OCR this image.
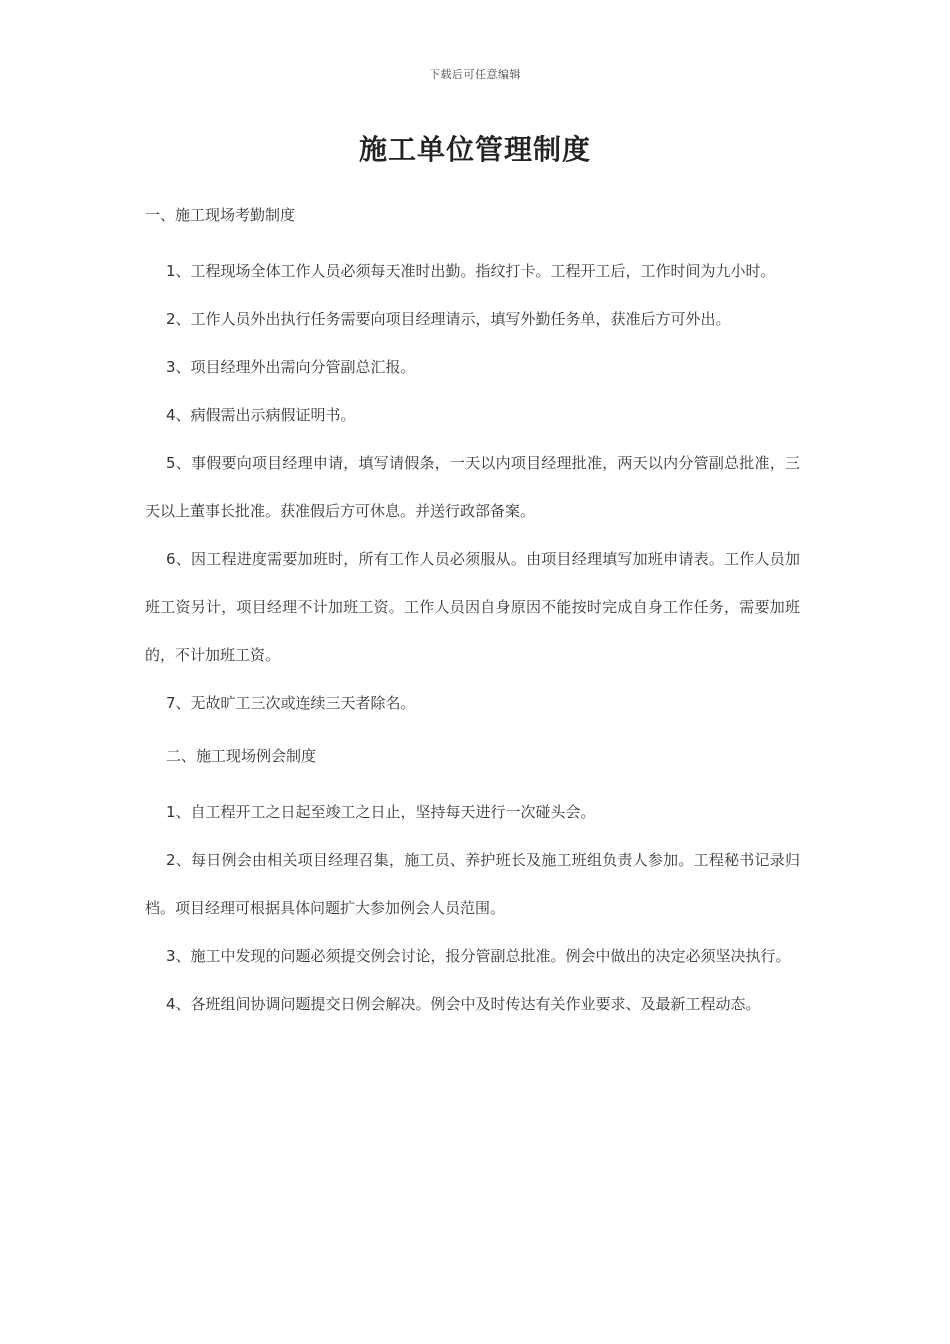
下载后可任意编辑
施工单位管理制度

一、施工现场考勤制度

1、工程现场全体工作人员必须每天准时出勤。指纹打卡。工程开工后，工作时间为九小时。

2、工作人员外出执行任务需要向项目经理请示，填写外勤任务单，获准后方可外出。

3、项目经理外出需向分管副总汇报。

4、病假需出示病假证明书。

5、事假要向项目经理申请，填写请假条，一天以内项目经理批准，两天以内分管副总批准，三天以上董事长批准。获准假后方可休息。并送行政部备案。

6、因工程进度需要加班时，所有工作人员必须服从。由项目经理填写加班申请表。工作人员加班工资另计，项目经理不计加班工资。工作人员因自身原因不能按时完成自身工作任务，需要加班的，不计加班工资。

7、无故旷工三次或连续三天者除名。

二、施工现场例会制度

1、自工程开工之日起至竣工之日止，坚持每天进行一次碰头会。

2、每日例会由相关项目经理召集，施工员、养护班长及施工班组负责人参加。工程秘书记录归档。项目经理可根据具体问题扩大参加例会人员范围。

3、施工中发现的问题必须提交例会讨论，报分管副总批准。例会中做出的决定必须坚决执行。

4、各班组间协调问题提交日例会解决。例会中及时传达有关作业要求、及最新工程动态。
